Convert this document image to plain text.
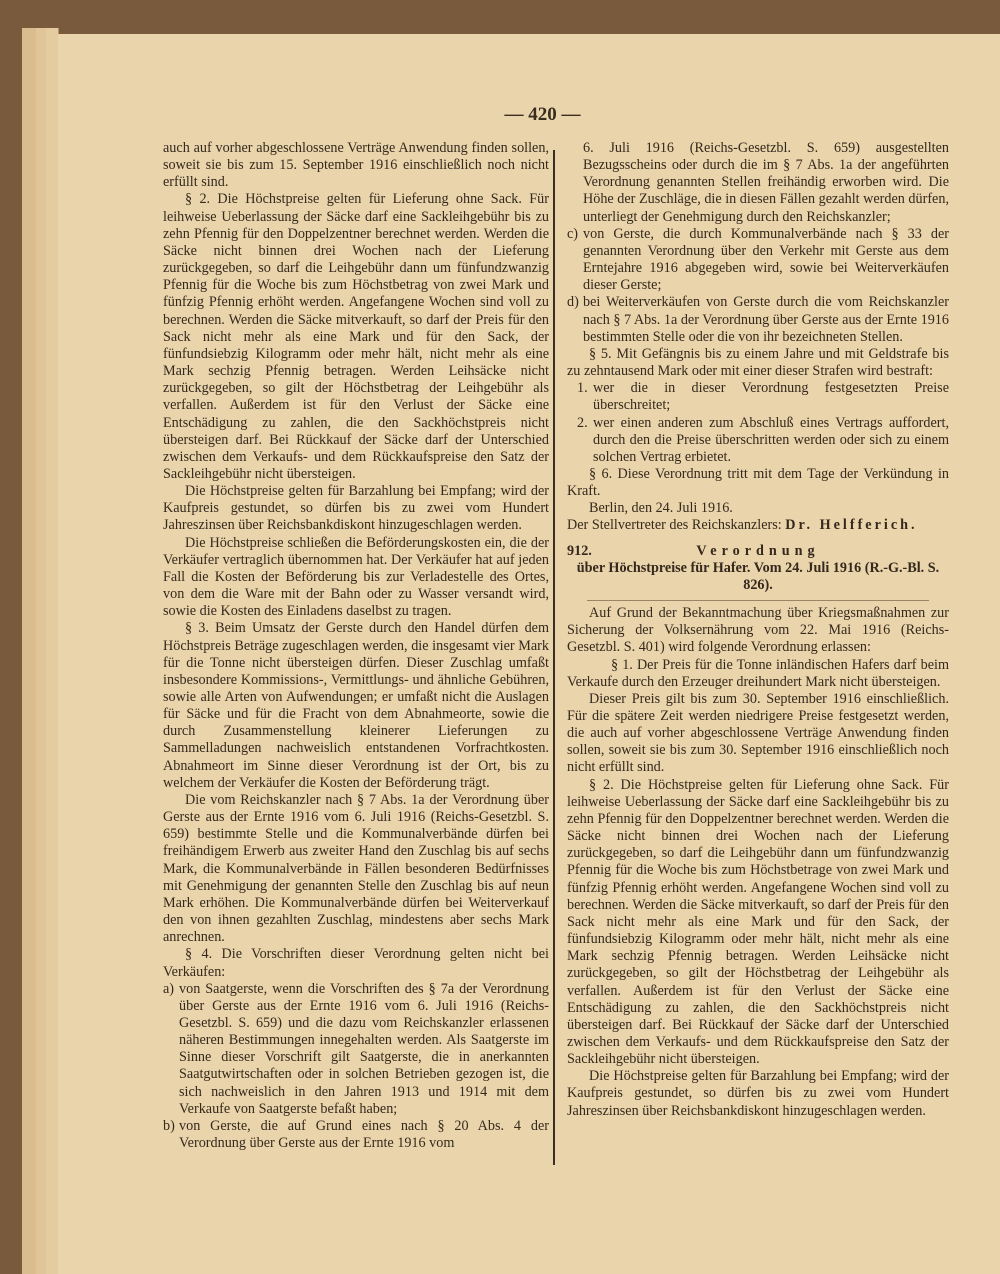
— 420 —

auch auf vorher abgeschlossene Verträge Anwendung finden sollen, soweit sie bis zum 15. September 1916 einschließlich noch nicht erfüllt sind.

§ 2. Die Höchstpreise gelten für Lieferung ohne Sack. Für leihweise Ueberlassung der Säcke darf eine Sackleihgebühr bis zu zehn Pfennig für den Doppelzentner berechnet werden. Werden die Säcke nicht binnen drei Wochen nach der Lieferung zurückgegeben, so darf die Leihgebühr dann um fünfundzwanzig Pfennig für die Woche bis zum Höchstbetrag von zwei Mark und fünfzig Pfennig erhöht werden. Angefangene Wochen sind voll zu berechnen. Werden die Säcke mitverkauft, so darf der Preis für den Sack nicht mehr als eine Mark und für den Sack, der fünfundsiebzig Kilogramm oder mehr hält, nicht mehr als eine Mark sechzig Pfennig betragen. Werden Leihsäcke nicht zurückgegeben, so gilt der Höchstbetrag der Leihgebühr als verfallen. Außerdem ist für den Verlust der Säcke eine Entschädigung zu zahlen, die den Sackhöchstpreis nicht übersteigen darf. Bei Rückkauf der Säcke darf der Unterschied zwischen dem Verkaufs- und dem Rückkaufspreise den Satz der Sackleihgebühr nicht übersteigen.

Die Höchstpreise gelten für Barzahlung bei Empfang; wird der Kaufpreis gestundet, so dürfen bis zu zwei vom Hundert Jahreszinsen über Reichsbankdiskont hinzugeschlagen werden.

Die Höchstpreise schließen die Beförderungskosten ein, die der Verkäufer vertraglich übernommen hat. Der Verkäufer hat auf jeden Fall die Kosten der Beförderung bis zur Verladestelle des Ortes, von dem die Ware mit der Bahn oder zu Wasser versandt wird, sowie die Kosten des Einladens daselbst zu tragen.

§ 3. Beim Umsatz der Gerste durch den Handel dürfen dem Höchstpreis Beträge zugeschlagen werden, die insgesamt vier Mark für die Tonne nicht übersteigen dürfen. Dieser Zuschlag umfaßt insbesondere Kommissions-, Vermittlungs- und ähnliche Gebühren, sowie alle Arten von Aufwendungen; er umfaßt nicht die Auslagen für Säcke und für die Fracht von dem Abnahmeorte, sowie die durch Zusammenstellung kleinerer Lieferungen zu Sammelladungen nachweislich entstandenen Vorfrachtkosten. Abnahmeort im Sinne dieser Verordnung ist der Ort, bis zu welchem der Verkäufer die Kosten der Beförderung trägt.

Die vom Reichskanzler nach § 7 Abs. 1a der Verordnung über Gerste aus der Ernte 1916 vom 6. Juli 1916 (Reichs-Gesetzbl. S. 659) bestimmte Stelle und die Kommunalverbände dürfen bei freihändigem Erwerb aus zweiter Hand den Zuschlag bis auf sechs Mark, die Kommunalverbände in Fällen besonderen Bedürfnisses mit Genehmigung der genannten Stelle den Zuschlag bis auf neun Mark erhöhen. Die Kommunalverbände dürfen bei Weiterverkauf den von ihnen gezahlten Zuschlag, mindestens aber sechs Mark anrechnen.

§ 4. Die Vorschriften dieser Verordnung gelten nicht bei Verkäufen:

a) von Saatgerste, wenn die Vorschriften des § 7a der Verordnung über Gerste aus der Ernte 1916 vom 6. Juli 1916 (Reichs-Gesetzbl. S. 659) und die dazu vom Reichskanzler erlassenen näheren Bestimmungen innegehalten werden. Als Saatgerste im Sinne dieser Vorschrift gilt Saatgerste, die in anerkannten Saatgutwirtschaften oder in solchen Betrieben gezogen ist, die sich nachweislich in den Jahren 1913 und 1914 mit dem Verkaufe von Saatgerste befaßt haben;
b) von Gerste, die auf Grund eines nach § 20 Abs. 4 der Verordnung über Gerste aus der Ernte 1916 vom
6. Juli 1916 (Reichs-Gesetzbl. S. 659) ausgestellten Bezugsscheins oder durch die im § 7 Abs. 1a der angeführten Verordnung genannten Stellen freihändig erworben wird. Die Höhe der Zuschläge, die in diesen Fällen gezahlt werden dürfen, unterliegt der Genehmigung durch den Reichskanzler;
c) von Gerste, die durch Kommunalverbände nach § 33 der genannten Verordnung über den Verkehr mit Gerste aus dem Erntejahre 1916 abgegeben wird, sowie bei Weiterverkäufen dieser Gerste;
d) bei Weiterverkäufen von Gerste durch die vom Reichskanzler nach § 7 Abs. 1a der Verordnung über Gerste aus der Ernte 1916 bestimmten Stelle oder die von ihr bezeichneten Stellen.

§ 5. Mit Gefängnis bis zu einem Jahre und mit Geldstrafe bis zu zehntausend Mark oder mit einer dieser Strafen wird bestraft:

1. wer die in dieser Verordnung festgesetzten Preise überschreitet;
2. wer einen anderen zum Abschluß eines Vertrags auffordert, durch den die Preise überschritten werden oder sich zu einem solchen Vertrag erbietet.

§ 6. Diese Verordnung tritt mit dem Tage der Verkündung in Kraft.

Berlin, den 24. Juli 1916.

Der Stellvertreter des Reichskanzlers: Dr. Helfferich.

912.	Verordnung
über Höchstpreise für Hafer. Vom 24. Juli 1916 (R.-G.-Bl. S. 826).

Auf Grund der Bekanntmachung über Kriegsmaßnahmen zur Sicherung der Volksernährung vom 22. Mai 1916 (Reichs-Gesetzbl. S. 401) wird folgende Verordnung erlassen:

§ 1. Der Preis für die Tonne inländischen Hafers darf beim Verkaufe durch den Erzeuger dreihundert Mark nicht übersteigen.

Dieser Preis gilt bis zum 30. September 1916 einschließlich. Für die spätere Zeit werden niedrigere Preise festgesetzt werden, die auch auf vorher abgeschlossene Verträge Anwendung finden sollen, soweit sie bis zum 30. September 1916 einschließlich noch nicht erfüllt sind.

§ 2. Die Höchstpreise gelten für Lieferung ohne Sack. Für leihweise Ueberlassung der Säcke darf eine Sackleihgebühr bis zu zehn Pfennig für den Doppelzentner berechnet werden. Werden die Säcke nicht binnen drei Wochen nach der Lieferung zurückgegeben, so darf die Leihgebühr dann um fünfundzwanzig Pfennig für die Woche bis zum Höchstbetrage von zwei Mark und fünfzig Pfennig erhöht werden. Angefangene Wochen sind voll zu berechnen. Werden die Säcke mitverkauft, so darf der Preis für den Sack nicht mehr als eine Mark und für den Sack, der fünfundsiebzig Kilogramm oder mehr hält, nicht mehr als eine Mark sechzig Pfennig betragen. Werden Leihsäcke nicht zurückgegeben, so gilt der Höchstbetrag der Leihgebühr als verfallen. Außerdem ist für den Verlust der Säcke eine Entschädigung zu zahlen, die den Sackhöchstpreis nicht übersteigen darf. Bei Rückkauf der Säcke darf der Unterschied zwischen dem Verkaufs- und dem Rückkaufspreise den Satz der Sackleihgebühr nicht übersteigen.

Die Höchstpreise gelten für Barzahlung bei Empfang; wird der Kaufpreis gestundet, so dürfen bis zu zwei vom Hundert Jahreszinsen über Reichsbankdiskont hinzugeschlagen werden.
